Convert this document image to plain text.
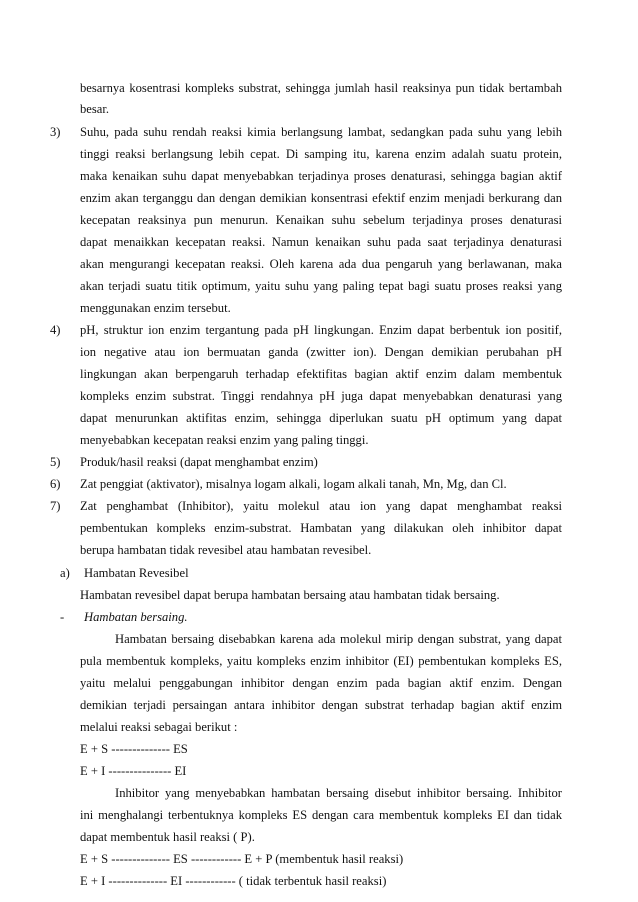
besarnya kosentrasi kompleks substrat, sehingga jumlah hasil reaksinya pun tidak bertambah
besar.
3) Suhu, pada suhu rendah reaksi kimia berlangsung lambat, sedangkan pada suhu yang lebih
tinggi reaksi berlangsung lebih cepat. Di samping itu, karena enzim adalah suatu protein,
maka kenaikan suhu dapat menyebabkan terjadinya proses denaturasi, sehingga bagian aktif
enzim akan terganggu dan dengan demikian konsentrasi efektif enzim menjadi berkurang dan
kecepatan reaksinya pun menurun. Kenaikan suhu sebelum terjadinya proses denaturasi
dapat menaikkan kecepatan reaksi. Namun kenaikan suhu pada saat terjadinya denaturasi
akan mengurangi kecepatan reaksi. Oleh karena ada dua pengaruh yang berlawanan, maka
akan terjadi suatu titik optimum, yaitu suhu yang paling tepat bagi suatu proses reaksi yang
menggunakan enzim tersebut.
4) pH, struktur ion enzim tergantung pada pH lingkungan. Enzim dapat berbentuk ion positif,
ion negative atau ion bermuatan ganda (zwitter ion). Dengan demikian perubahan pH
lingkungan akan berpengaruh terhadap efektifitas bagian aktif enzim dalam membentuk
kompleks enzim substrat. Tinggi rendahnya pH juga dapat menyebabkan denaturasi yang
dapat menurunkan aktifitas enzim, sehingga diperlukan suatu pH optimum yang dapat
menyebabkan kecepatan reaksi enzim yang paling tinggi.
5) Produk/hasil reaksi (dapat menghambat enzim)
6) Zat penggiat (aktivator), misalnya logam alkali, logam alkali tanah, Mn, Mg, dan Cl.
7) Zat penghambat (Inhibitor), yaitu molekul atau ion yang dapat menghambat reaksi
pembentukan kompleks enzim-substrat. Hambatan yang dilakukan oleh inhibitor dapat
berupa hambatan tidak revesibel atau hambatan revesibel.
a) Hambatan Revesibel
Hambatan revesibel dapat berupa hambatan bersaing atau hambatan tidak bersaing.
- Hambatan bersaing.
Hambatan bersaing disebabkan karena ada molekul mirip dengan substrat, yang dapat
pula membentuk kompleks, yaitu kompleks enzim inhibitor (EI) pembentukan kompleks ES,
yaitu melalui penggabungan inhibitor dengan enzim pada bagian aktif enzim. Dengan
demikian terjadi persaingan antara inhibitor dengan substrat terhadap bagian aktif enzim
melalui reaksi sebagai berikut :
E + S -------------- ES
E + I --------------- EI
Inhibitor yang menyebabkan hambatan bersaing disebut inhibitor bersaing. Inhibitor
ini menghalangi terbentuknya kompleks ES dengan cara membentuk kompleks EI dan tidak
dapat membentuk hasil reaksi ( P).
E + S -------------- ES ------------ E + P (membentuk hasil reaksi)
E + I -------------- EI ------------ ( tidak terbentuk hasil reaksi)
